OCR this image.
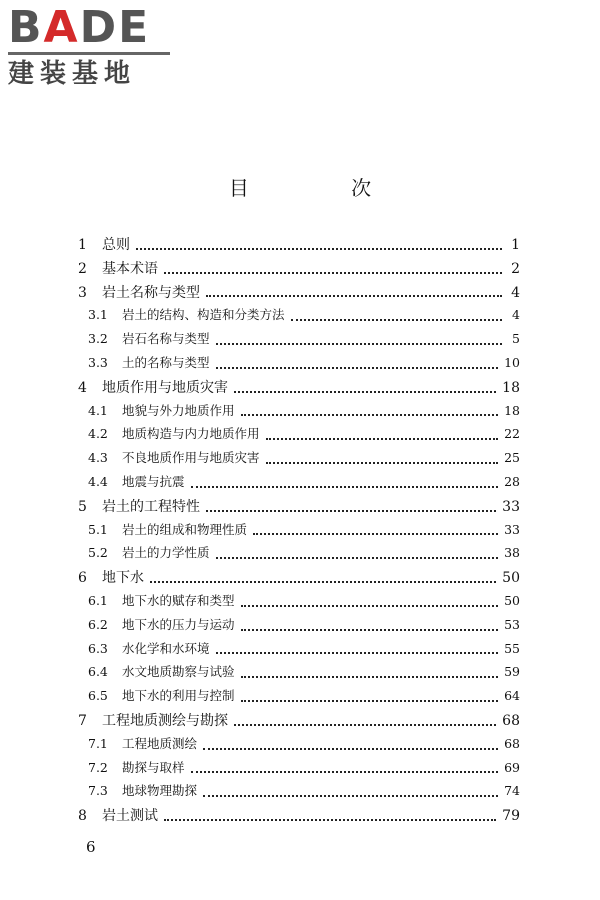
BADE
建装基地
目 次
1	总则	1
2	基本术语	2
3	岩土名称与类型	4
3.1	岩土的结构、构造和分类方法	4
3.2	岩石名称与类型	5
3.3	土的名称与类型	10
4	地质作用与地质灾害	18
4.1	地貌与外力地质作用	18
4.2	地质构造与内力地质作用	22
4.3	不良地质作用与地质灾害	25
4.4	地震与抗震	28
5	岩土的工程特性	33
5.1	岩土的组成和物理性质	33
5.2	岩土的力学性质	38
6	地下水	50
6.1	地下水的赋存和类型	50
6.2	地下水的压力与运动	53
6.3	水化学和水环境	55
6.4	水文地质勘察与试验	59
6.5	地下水的利用与控制	64
7	工程地质测绘与勘探	68
7.1	工程地质测绘	68
7.2	勘探与取样	69
7.3	地球物理勘探	74
8	岩土测试	79
6
